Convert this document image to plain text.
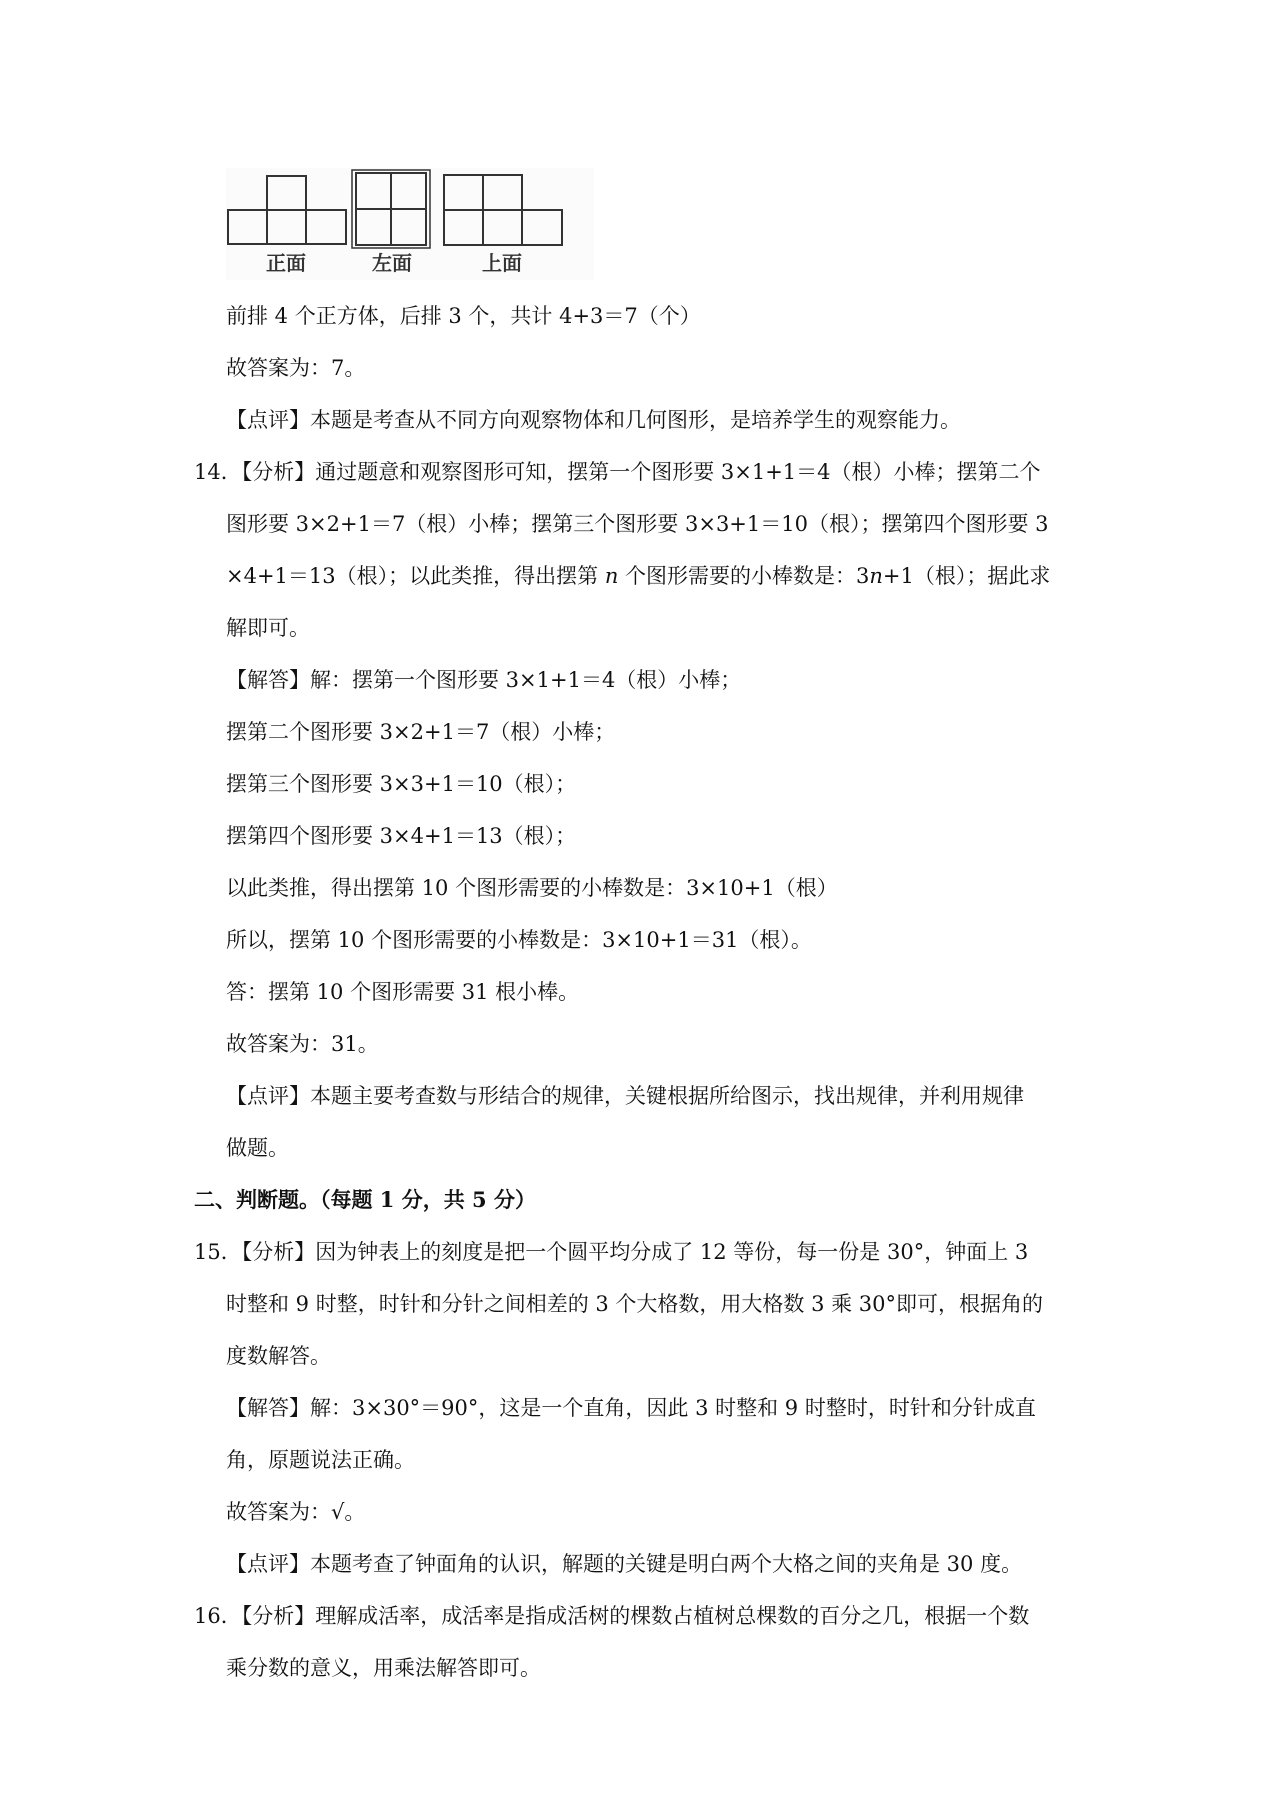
正面	左面	上面
前排 4 个正方体，后排 3 个，共计 4+3＝7（个）
故答案为：7。
【点评】本题是考查从不同方向观察物体和几何图形，是培养学生的观察能力。
14．【分析】通过题意和观察图形可知，摆第一个图形要 3×1+1＝4（根）小棒；摆第二个
图形要 3×2+1＝7（根）小棒；摆第三个图形要 3×3+1＝10（根）；摆第四个图形要 3
×4+1＝13（根）；以此类推，得出摆第 n 个图形需要的小棒数是：3n+1（根）；据此求
解即可。
【解答】解：摆第一个图形要 3×1+1＝4（根）小棒；
摆第二个图形要 3×2+1＝7（根）小棒；
摆第三个图形要 3×3+1＝10（根）；
摆第四个图形要 3×4+1＝13（根）；
以此类推，得出摆第 10 个图形需要的小棒数是：3×10+1（根）
所以，摆第 10 个图形需要的小棒数是：3×10+1＝31（根）。
答：摆第 10 个图形需要 31 根小棒。
故答案为：31。
【点评】本题主要考查数与形结合的规律，关键根据所给图示，找出规律，并利用规律
做题。
二、判断题。（每题 1 分，共 5 分）
15．【分析】因为钟表上的刻度是把一个圆平均分成了 12 等份，每一份是 30°，钟面上 3
时整和 9 时整，时针和分针之间相差的 3 个大格数，用大格数 3 乘 30°即可，根据角的
度数解答。
【解答】解：3×30°＝90°，这是一个直角，因此 3 时整和 9 时整时，时针和分针成直
角，原题说法正确。
故答案为：√。
【点评】本题考查了钟面角的认识，解题的关键是明白两个大格之间的夹角是 30 度。
16．【分析】理解成活率，成活率是指成活树的棵数占植树总棵数的百分之几，根据一个数
乘分数的意义，用乘法解答即可。
